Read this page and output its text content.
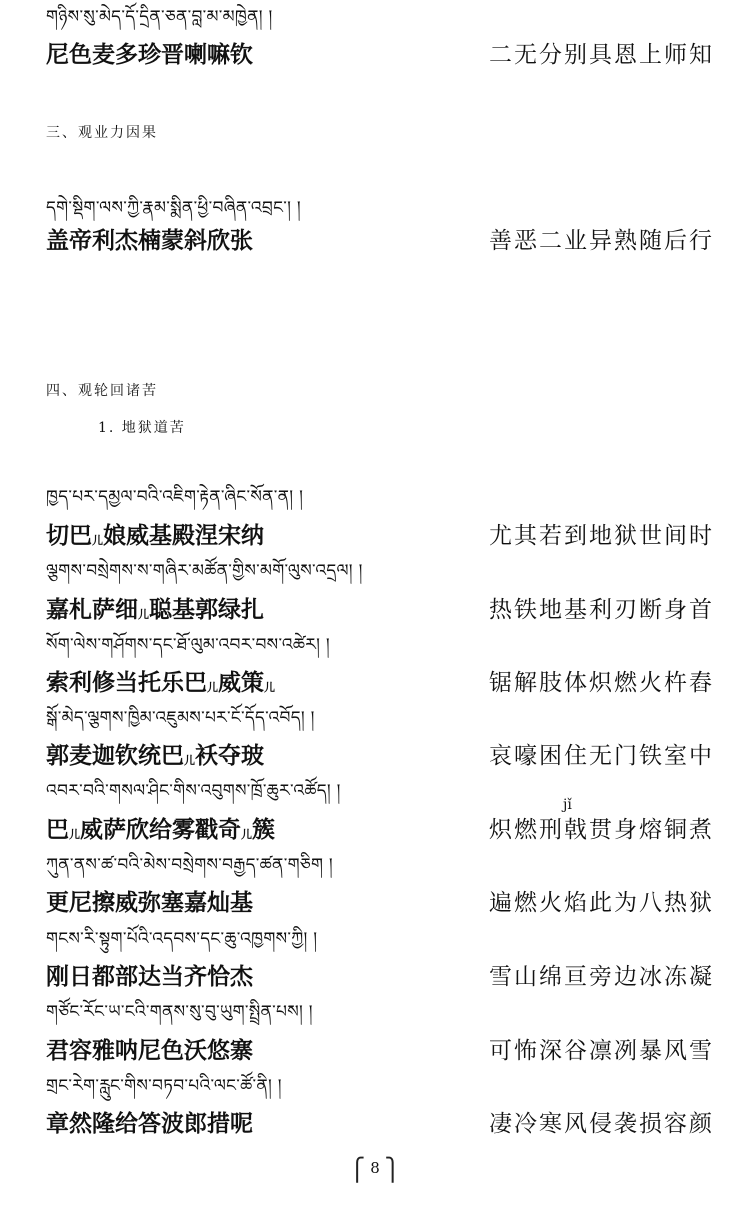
གཉིས་སུ་མེད་དོ་དྲིན་ཅན་བླ་མ་མཁྱེན། །
尼色麦多珍晋喇嘛钦	二无分别具恩上师知
三、观业力因果
དགེ་སྡིག་ལས་ཀྱི་རྣམ་སྨིན་ཕྱི་བཞིན་འབྲང་། །
盖帝利杰楠蒙斜欣张	善恶二业异熟随后行
四、观轮回诸苦
1. 地狱道苦
ཁྱད་པར་དམྱལ་བའི་འཇིག་རྟེན་ཞིང་སོན་ན། །
切巴儿娘威基殿涅宋纳	尤其若到地狱世间时
ལྕགས་བསྲེགས་ས་གཞིར་མཚོན་གྱིས་མགོ་ལུས་འདྲལ། །
嘉札萨细儿聪基郭绿扎	热铁地基利刃断身首
སོག་ལེས་གཤོགས་དང་ཐོ་ལུམ་འབར་བས་འཚེར། །
索利修当托乐巴儿威策儿	锯解肢体炽燃火杵舂
སྒོ་མེད་ལྕགས་ཁྱིམ་འཇུམས་པར་ངོ་དོད་འབོད། །
郭麦迦钦统巴儿袄夺玻	哀嚎困住无门铁室中
འབར་བའི་གསལ་ཤིང་གིས་འབུགས་ཁྲོ་ཆུར་འཚོད། །
jǐ
巴儿威萨欣给雾戳奇儿簇	炽燃刑戟贯身熔铜煮
ཀུན་ནས་ཚ་བའི་མེས་བསྲེགས་བརྒྱད་ཚན་གཅིག །
更尼擦威弥塞嘉灿基	遍燃火焰此为八热狱
གངས་རི་སྟུག་པོའི་འདབས་དང་ཆུ་འཁྱགས་ཀྱི། །
刚日都部达当齐恰杰	雪山绵亘旁边冰冻凝
གཙོང་རོང་ཡ་ངའི་གནས་སུ་བུ་ཡུག་སྤྲིན་པས། །
君容雅呐尼色沃悠寨	可怖深谷凛冽暴风雪
གྲང་རེག་རླུང་གིས་བཏབ་པའི་ལང་ཚོ་ནི། །
章然隆给答波郎措呢	凄冷寒风侵袭损容颜
⎧ 8 ⎫
